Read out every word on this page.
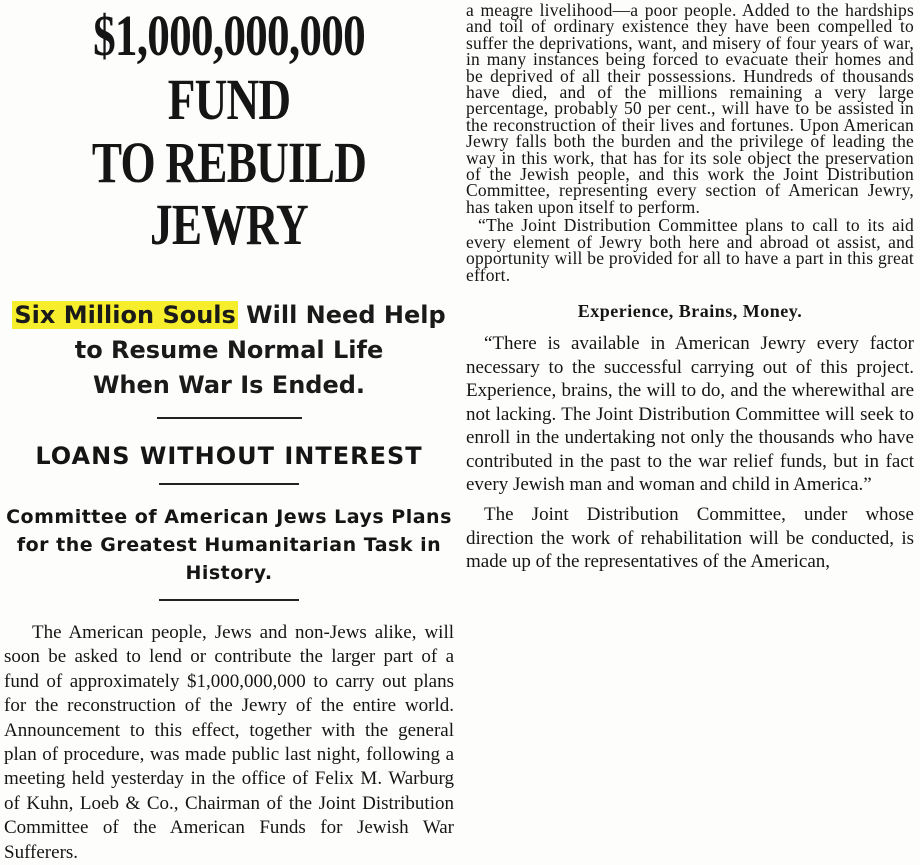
$1,000,000,000 FUND
TO REBUILD JEWRY

Six Million Souls Will Need Help

to Resume Normal Life

When War Is Ended.

LOANS WITHOUT INTEREST

Committee of American Jews Lays Plans for the Greatest Humanitarian Task in History.

The American people, Jews and non-Jews alike, will soon be asked to lend or contribute the larger part of a fund of approximately $1,000,000,000 to carry out plans for the reconstruction of the Jewry of the entire world. Announcement to this effect, together with the general plan of procedure, was made public last night, following a meeting held yesterday in the office of Felix M. Warburg of Kuhn, Loeb & Co., Chairman of the Joint Distribution Committee of the American Funds for Jewish War Sufferers.

a meagre livelihood—a poor people. Added to the hardships and toil of ordinary existence they have been compelled to suffer the deprivations, want, and misery of four years of war, in many instances being forced to evacuate their homes and be deprived of all their possessions. Hundreds of thousands have died, and of the millions remaining a very large percentage, probably 50 per cent., will have to be assisted in the reconstruction of their lives and fortunes. Upon American Jewry falls both the burden and the privilege of leading the way in this work, that has for its sole object the preservation of the Jewish people, and this work the Joint Distribution Committee, representing every section of American Jewry, has taken upon itself to perform.

“The Joint Distribution Committee plans to call to its aid every element of Jewry both here and abroad ot assist, and opportunity will be provided for all to have a part in this great effort.

Experience, Brains, Money.

“There is available in American Jewry every factor necessary to the successful carrying out of this project. Experience, brains, the will to do, and the wherewithal are not lacking. The Joint Distribution Committee will seek to enroll in the undertaking not only the thousands who have contributed in the past to the war relief funds, but in fact every Jewish man and woman and child in America.”

The Joint Distribution Committee, under whose direction the work of rehabilitation will be conducted, is made up of the representatives of the American,
